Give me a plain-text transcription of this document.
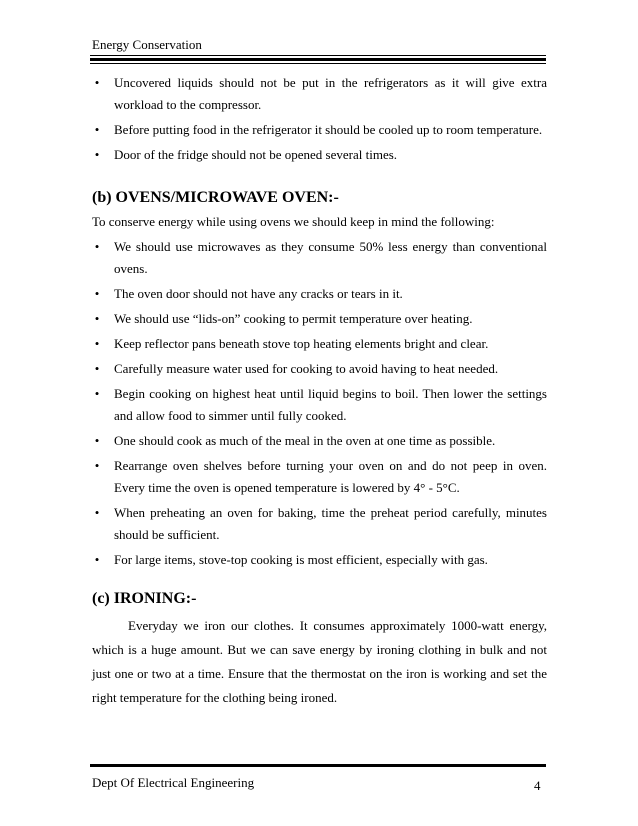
Energy Conservation
• Uncovered liquids should not be put in the refrigerators as it will give extra workload to the compressor.
• Before putting food in the refrigerator it should be cooled up to room temperature.
• Door of the fridge should not be opened several times.
(b) OVENS/MICROWAVE OVEN:-

To conserve energy while using ovens we should keep in mind the following:

• We should use microwaves as they consume 50% less energy than conventional ovens.
• The oven door should not have any cracks or tears in it.
• We should use “lids-on” cooking to permit temperature over heating.
• Keep reflector pans beneath stove top heating elements bright and clear.
• Carefully measure water used for cooking to avoid having to heat needed.
• Begin cooking on highest heat until liquid begins to boil. Then lower the settings and allow food to simmer until fully cooked.
• One should cook as much of the meal in the oven at one time as possible.
• Rearrange oven shelves before turning your oven on and do not peep in oven. Every time the oven is opened temperature is lowered by 4° - 5°C.
• When preheating an oven for baking, time the preheat period carefully, minutes should be sufficient.
• For large items, stove-top cooking is most efficient, especially with gas.
(c) IRONING:-

Everyday we iron our clothes. It consumes approximately 1000-watt energy, which is a huge amount. But we can save energy by ironing clothing in bulk and not just one or two at a time. Ensure that the thermostat on the iron is working and set the right temperature for the clothing being ironed.

Dept Of Electrical Engineering	4
